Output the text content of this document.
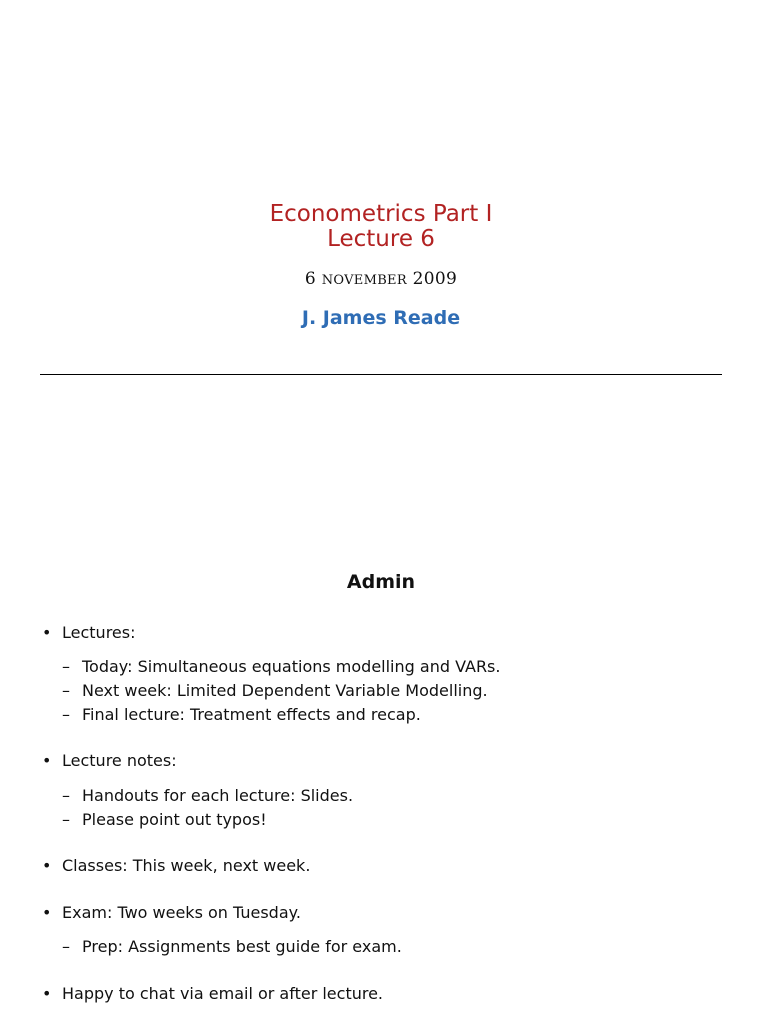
Econometrics Part I
Lecture 6
6 NOVEMBER 2009
J. James Reade
Admin
• Lectures:
– Today: Simultaneous equations modelling and VARs.
– Next week: Limited Dependent Variable Modelling.
– Final lecture: Treatment effects and recap.
• Lecture notes:
– Handouts for each lecture: Slides.
– Please point out typos!
• Classes: This week, next week.
• Exam: Two weeks on Tuesday.
– Prep: Assignments best guide for exam.
• Happy to chat via email or after lecture.
